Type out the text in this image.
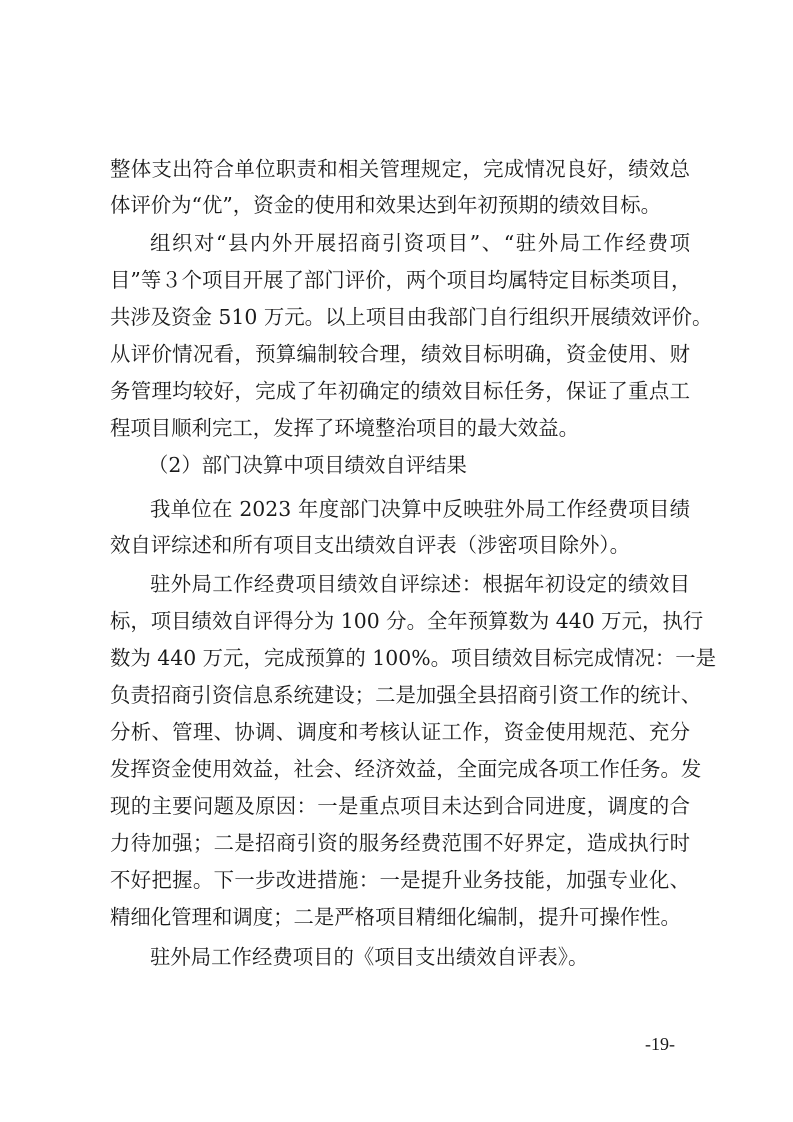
整体支出符合单位职责和相关管理规定，完成情况良好，绩效总
体评价为“优”，资金的使用和效果达到年初预期的绩效目标。
组织对“县内外开展招商引资项目”、“驻外局工作经费项
目”等３个项目开展了部门评价，两个项目均属特定目标类项目，
共涉及资金 510 万元。以上项目由我部门自行组织开展绩效评价。
从评价情况看，预算编制较合理，绩效目标明确，资金使用、财
务管理均较好，完成了年初确定的绩效目标任务，保证了重点工
程项目顺利完工，发挥了环境整治项目的最大效益。
（2）部门决算中项目绩效自评结果
我单位在 2023 年度部门决算中反映驻外局工作经费项目绩
效自评综述和所有项目支出绩效自评表（涉密项目除外）。
驻外局工作经费项目绩效自评综述：根据年初设定的绩效目
标，项目绩效自评得分为 100 分。全年预算数为 440 万元，执行
数为 440 万元，完成预算的 100%。项目绩效目标完成情况：一是
负责招商引资信息系统建设；二是加强全县招商引资工作的统计、
分析、管理、协调、调度和考核认证工作，资金使用规范、充分
发挥资金使用效益，社会、经济效益，全面完成各项工作任务。发
现的主要问题及原因：一是重点项目未达到合同进度，调度的合
力待加强；二是招商引资的服务经费范围不好界定，造成执行时
不好把握。下一步改进措施：一是提升业务技能，加强专业化、
精细化管理和调度；二是严格项目精细化编制，提升可操作性。
驻外局工作经费项目的《项目支出绩效自评表》。
-19-
